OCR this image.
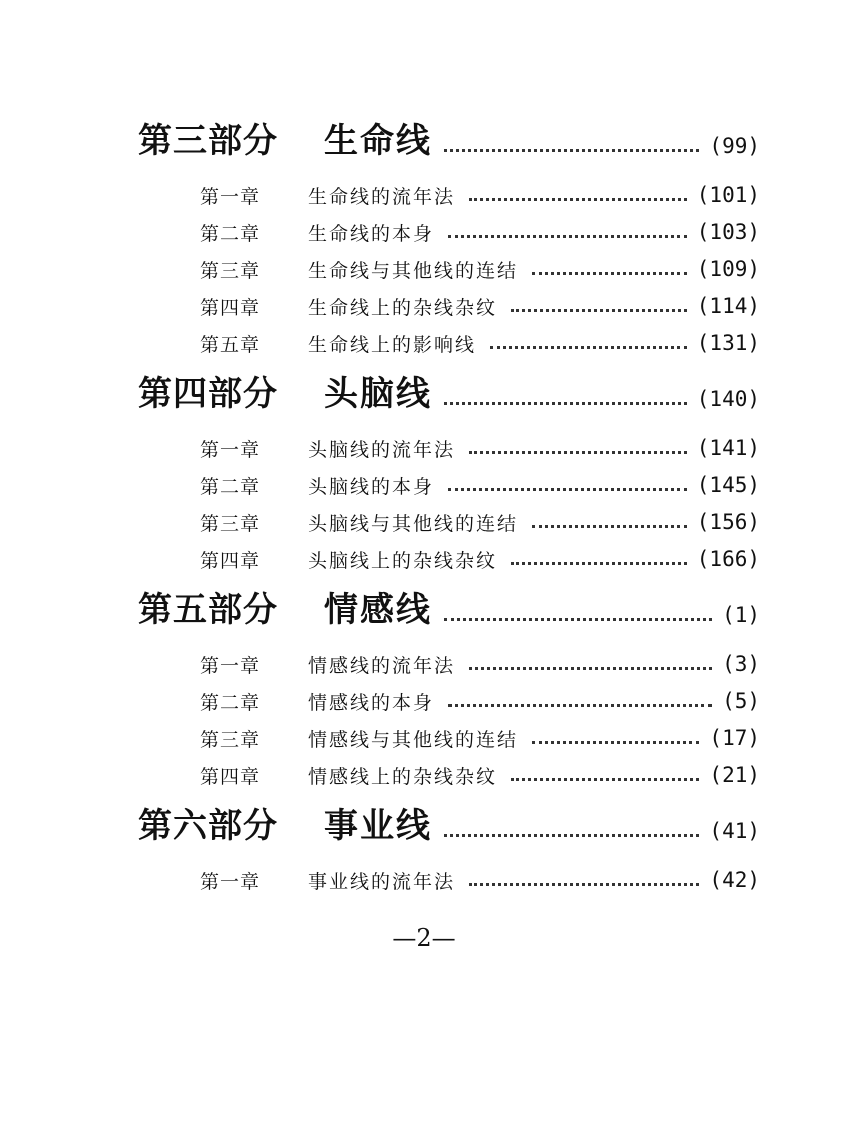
第三部分 生命线	(99)
第一章	生命线的流年法	(101)
第二章	生命线的本身	(103)
第三章	生命线与其他线的连结	(109)
第四章	生命线上的杂线杂纹	(114)
第五章	生命线上的影响线	(131)
第四部分 头脑线	(140)
第一章	头脑线的流年法	(141)
第二章	头脑线的本身	(145)
第三章	头脑线与其他线的连结	(156)
第四章	头脑线上的杂线杂纹	(166)
第五部分 情感线	(1)
第一章	情感线的流年法	(3)
第二章	情感线的本身	(5)
第三章	情感线与其他线的连结	(17)
第四章	情感线上的杂线杂纹	(21)
第六部分 事业线	(41)
第一章	事业线的流年法	(42)
—2—
